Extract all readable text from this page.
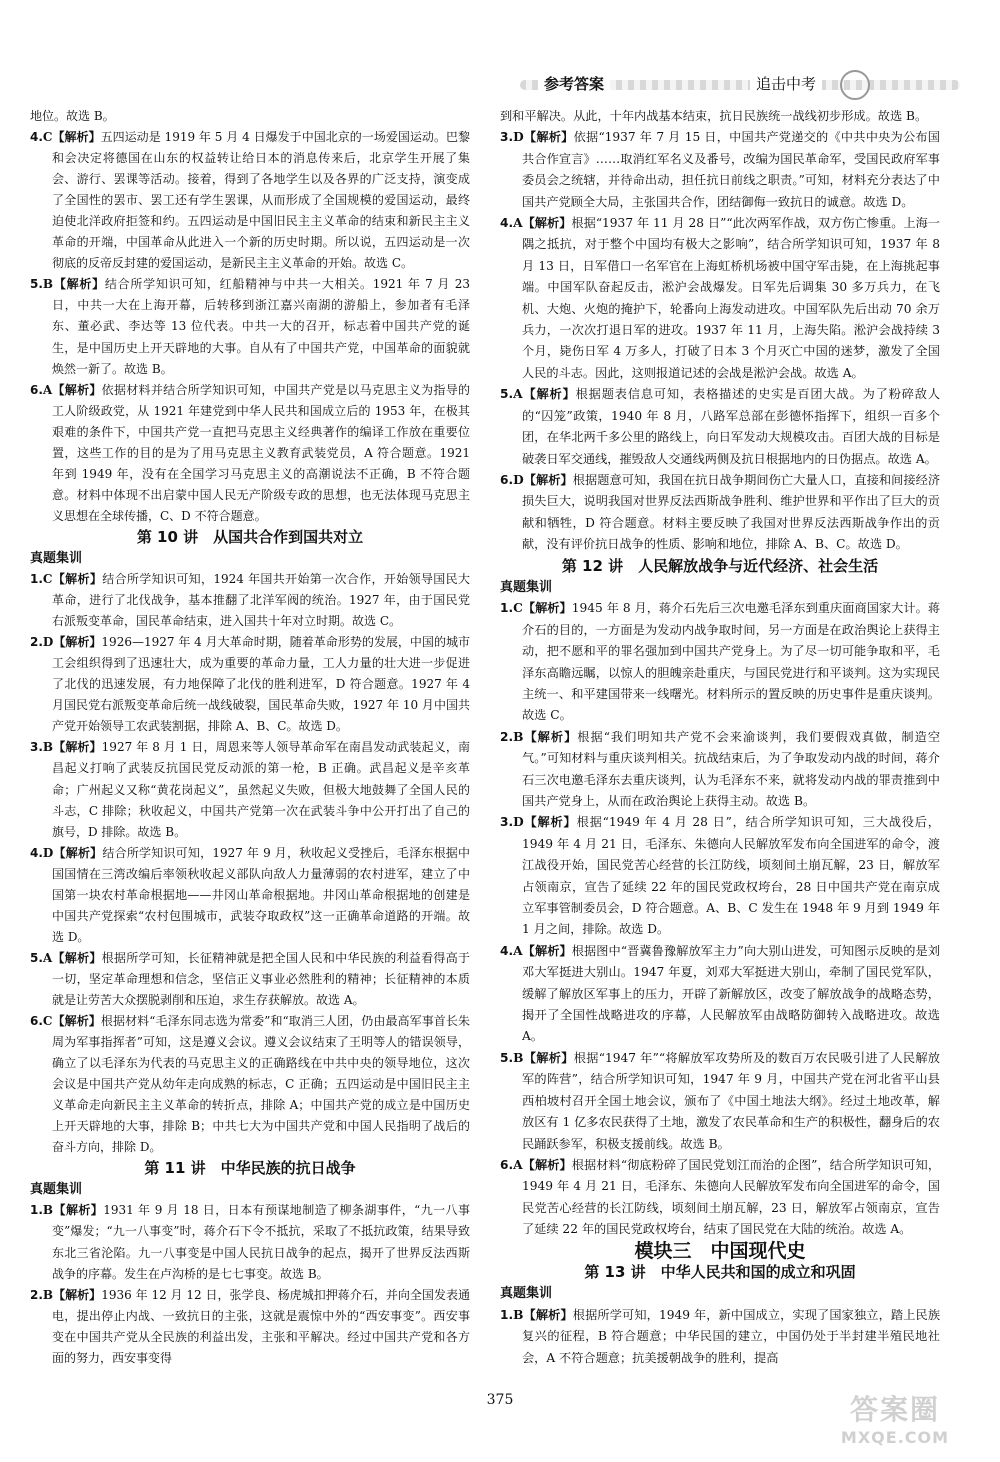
参考答案	追击中考

地位。故选 B。

4.C【解析】五四运动是 1919 年 5 月 4 日爆发于中国北京的一场爱国运动。巴黎和会决定将德国在山东的权益转让给日本的消息传来后，北京学生开展了集会、游行、罢课等活动。接着，得到了各地学生以及各界的广泛支持，演变成了全国性的罢市、罢工还有学生罢课，从而形成了全国规模的爱国运动，最终迫使北洋政府拒签和约。五四运动是中国旧民主主义革命的结束和新民主主义革命的开端，中国革命从此进入一个新的历史时期。所以说，五四运动是一次彻底的反帝反封建的爱国运动，是新民主主义革命的开始。故选 C。

5.B【解析】结合所学知识可知，红船精神与中共一大相关。1921 年 7 月 23 日，中共一大在上海开幕，后转移到浙江嘉兴南湖的游船上，参加者有毛泽东、董必武、李达等 13 位代表。中共一大的召开，标志着中国共产党的诞生，是中国历史上开天辟地的大事。自从有了中国共产党，中国革命的面貌就焕然一新了。故选 B。

6.A【解析】依据材料并结合所学知识可知，中国共产党是以马克思主义为指导的工人阶级政党，从 1921 年建党到中华人民共和国成立后的 1953 年，在极其艰难的条件下，中国共产党一直把马克思主义经典著作的编译工作放在重要位置，这些工作的目的是为了用马克思主义教育武装党员，A 符合题意。1921 年到 1949 年，没有在全国学习马克思主义的高潮说法不正确，B 不符合题意。材料中体现不出启蒙中国人民无产阶级专政的思想，也无法体现马克思主义思想在全球传播，C、D 不符合题意。

第 10 讲　从国共合作到国共对立

真题集训

1.C【解析】结合所学知识可知，1924 年国共开始第一次合作，开始领导国民大革命，进行了北伐战争，基本推翻了北洋军阀的统治。1927 年，由于国民党右派叛变革命，国民革命结束，进入国共十年对立时期。故选 C。

2.D【解析】1926—1927 年 4 月大革命时期，随着革命形势的发展，中国的城市工会组织得到了迅速壮大，成为重要的革命力量，工人力量的壮大进一步促进了北伐的迅速发展，有力地保障了北伐的胜利进军，D 符合题意。1927 年 4 月国民党右派叛变革命后统一战线破裂，国民革命失败，1927 年 10 月中国共产党开始领导工农武装割据，排除 A、B、C。故选 D。

3.B【解析】1927 年 8 月 1 日，周恩来等人领导革命军在南昌发动武装起义，南昌起义打响了武装反抗国民党反动派的第一枪，B 正确。武昌起义是辛亥革命；广州起义又称“黄花岗起义”，虽然起义失败，但极大地鼓舞了全国人民的斗志，C 排除；秋收起义，中国共产党第一次在武装斗争中公开打出了自己的旗号，D 排除。故选 B。

4.D【解析】结合所学知识可知，1927 年 9 月，秋收起义受挫后，毛泽东根据中国国情在三湾改编后率领秋收起义部队向敌人力量薄弱的农村进军，建立了中国第一块农村革命根据地——井冈山革命根据地。井冈山革命根据地的创建是中国共产党探索“农村包围城市，武装夺取政权”这一正确革命道路的开端。故选 D。

5.A【解析】根据所学可知，长征精神就是把全国人民和中华民族的利益看得高于一切，坚定革命理想和信念，坚信正义事业必然胜利的精神；长征精神的本质就是让劳苦大众摆脱剥削和压迫，求生存获解放。故选 A。

6.C【解析】根据材料“毛泽东同志选为常委”和“取消三人团，仍由最高军事首长朱周为军事指挥者”可知，这是遵义会议。遵义会议结束了王明等人的错误领导，确立了以毛泽东为代表的马克思主义的正确路线在中共中央的领导地位，这次会议是中国共产党从幼年走向成熟的标志，C 正确；五四运动是中国旧民主主义革命走向新民主主义革命的转折点，排除 A；中国共产党的成立是中国历史上开天辟地的大事，排除 B；中共七大为中国共产党和中国人民指明了战后的奋斗方向，排除 D。

第 11 讲　中华民族的抗日战争

真题集训

1.B【解析】1931 年 9 月 18 日，日本有预谋地制造了柳条湖事件，“九一八事变”爆发；“九一八事变”时，蒋介石下令不抵抗，采取了不抵抗政策，结果导致东北三省沦陷。九一八事变是中国人民抗日战争的起点，揭开了世界反法西斯战争的序幕。发生在卢沟桥的是七七事变。故选 B。

2.B【解析】1936 年 12 月 12 日，张学良、杨虎城扣押蒋介石，并向全国发表通电，提出停止内战、一致抗日的主张，这就是震惊中外的“西安事变”。西安事变在中国共产党从全民族的利益出发，主张和平解决。经过中国共产党和各方面的努力，西安事变得

到和平解决。从此，十年内战基本结束，抗日民族统一战线初步形成。故选 B。

3.D【解析】依据“1937 年 7 月 15 日，中国共产党递交的《中共中央为公布国共合作宣言》……取消红军名义及番号，改编为国民革命军，受国民政府军事委员会之统辖，并待命出动，担任抗日前线之职责。”可知，材料充分表达了中国共产党顾全大局，主张国共合作，团结御侮一致抗日的诚意。故选 D。

4.A【解析】根据“1937 年 11 月 28 日”“此次两军作战，双方伤亡惨重。上海一隅之抵抗，对于整个中国均有极大之影响”，结合所学知识可知，1937 年 8 月 13 日，日军借口一名军官在上海虹桥机场被中国守军击毙，在上海挑起事端。中国军队奋起反击，淞沪会战爆发。日军先后调集 30 多万兵力，在飞机、大炮、火炮的掩护下，轮番向上海发动进攻。中国军队先后出动 70 余万兵力，一次次打退日军的进攻。1937 年 11 月，上海失陷。淞沪会战持续 3 个月，毙伤日军 4 万多人，打破了日本 3 个月灭亡中国的迷梦，激发了全国人民的斗志。因此，这则报道记述的会战是淞沪会战。故选 A。

5.A【解析】根据题表信息可知，表格描述的史实是百团大战。为了粉碎敌人的“囚笼”政策，1940 年 8 月，八路军总部在彭德怀指挥下，组织一百多个团，在华北两千多公里的路线上，向日军发动大规模攻击。百团大战的目标是破袭日军交通线，摧毁敌人交通线两侧及抗日根据地内的日伪据点。故选 A。

6.D【解析】根据题意可知，我国在抗日战争期间伤亡大量人口，直接和间接经济损失巨大，说明我国对世界反法西斯战争胜利、维护世界和平作出了巨大的贡献和牺牲，D 符合题意。材料主要反映了我国对世界反法西斯战争作出的贡献，没有评价抗日战争的性质、影响和地位，排除 A、B、C。故选 D。

第 12 讲　人民解放战争与近代经济、社会生活

真题集训

1.C【解析】1945 年 8 月，蒋介石先后三次电邀毛泽东到重庆面商国家大计。蒋介石的目的，一方面是为发动内战争取时间，另一方面是在政治舆论上获得主动，把不愿和平的罪名强加到中国共产党身上。为了尽一切可能争取和平，毛泽东高瞻远瞩，以惊人的胆魄亲赴重庆，与国民党进行和平谈判。这为实现民主统一、和平建国带来一线曙光。材料所示的置反映的历史事件是重庆谈判。故选 C。

2.B【解析】根据“我们明知共产党不会来渝谈判，我们要假戏真做，制造空气。”可知材料与重庆谈判相关。抗战结束后，为了争取发动内战的时间，蒋介石三次电邀毛泽东去重庆谈判，认为毛泽东不来，就将发动内战的罪责推到中国共产党身上，从而在政治舆论上获得主动。故选 B。

3.D【解析】根据“1949 年 4 月 28 日”，结合所学知识可知，三大战役后，1949 年 4 月 21 日，毛泽东、朱德向人民解放军发布向全国进军的命令，渡江战役开始，国民党苦心经营的长江防线，顷刻间土崩瓦解，23 日，解放军占领南京，宣告了延续 22 年的国民党政权垮台，28 日中国共产党在南京成立军事管制委员会，D 符合题意。A、B、C 发生在 1948 年 9 月到 1949 年 1 月之间，排除。故选 D。

4.A【解析】根据图中“晋冀鲁豫解放军主力”向大别山进发，可知图示反映的是刘邓大军挺进大别山。1947 年夏，刘邓大军挺进大别山，牵制了国民党军队，缓解了解放区军事上的压力，开辟了新解放区，改变了解放战争的战略态势，揭开了全国性战略进攻的序幕，人民解放军由战略防御转入战略进攻。故选 A。

5.B【解析】根据“1947 年”“将解放军攻势所及的数百万农民吸引进了人民解放军的阵营”，结合所学知识可知，1947 年 9 月，中国共产党在河北省平山县西柏坡村召开全国土地会议，颁布了《中国土地法大纲》。经过土地改革，解放区有 1 亿多农民获得了土地，激发了农民革命和生产的积极性，翻身后的农民踊跃参军，积极支援前线。故选 B。

6.A【解析】根据材料“彻底粉碎了国民党划江而治的企图”，结合所学知识可知，1949 年 4 月 21 日，毛泽东、朱德向人民解放军发布向全国进军的命令，国民党苦心经营的长江防线，顷刻间土崩瓦解，23 日，解放军占领南京，宣告了延续 22 年的国民党政权垮台，结束了国民党在大陆的统治。故选 A。

模块三　中国现代史

第 13 讲　中华人民共和国的成立和巩固

真题集训

1.B【解析】根据所学可知，1949 年，新中国成立，实现了国家独立，踏上民族复兴的征程，B 符合题意；中华民国的建立，中国仍处于半封建半殖民地社会，A 不符合题意；抗美援朝战争的胜利，提高

375	答案圈
MXQE.COM
